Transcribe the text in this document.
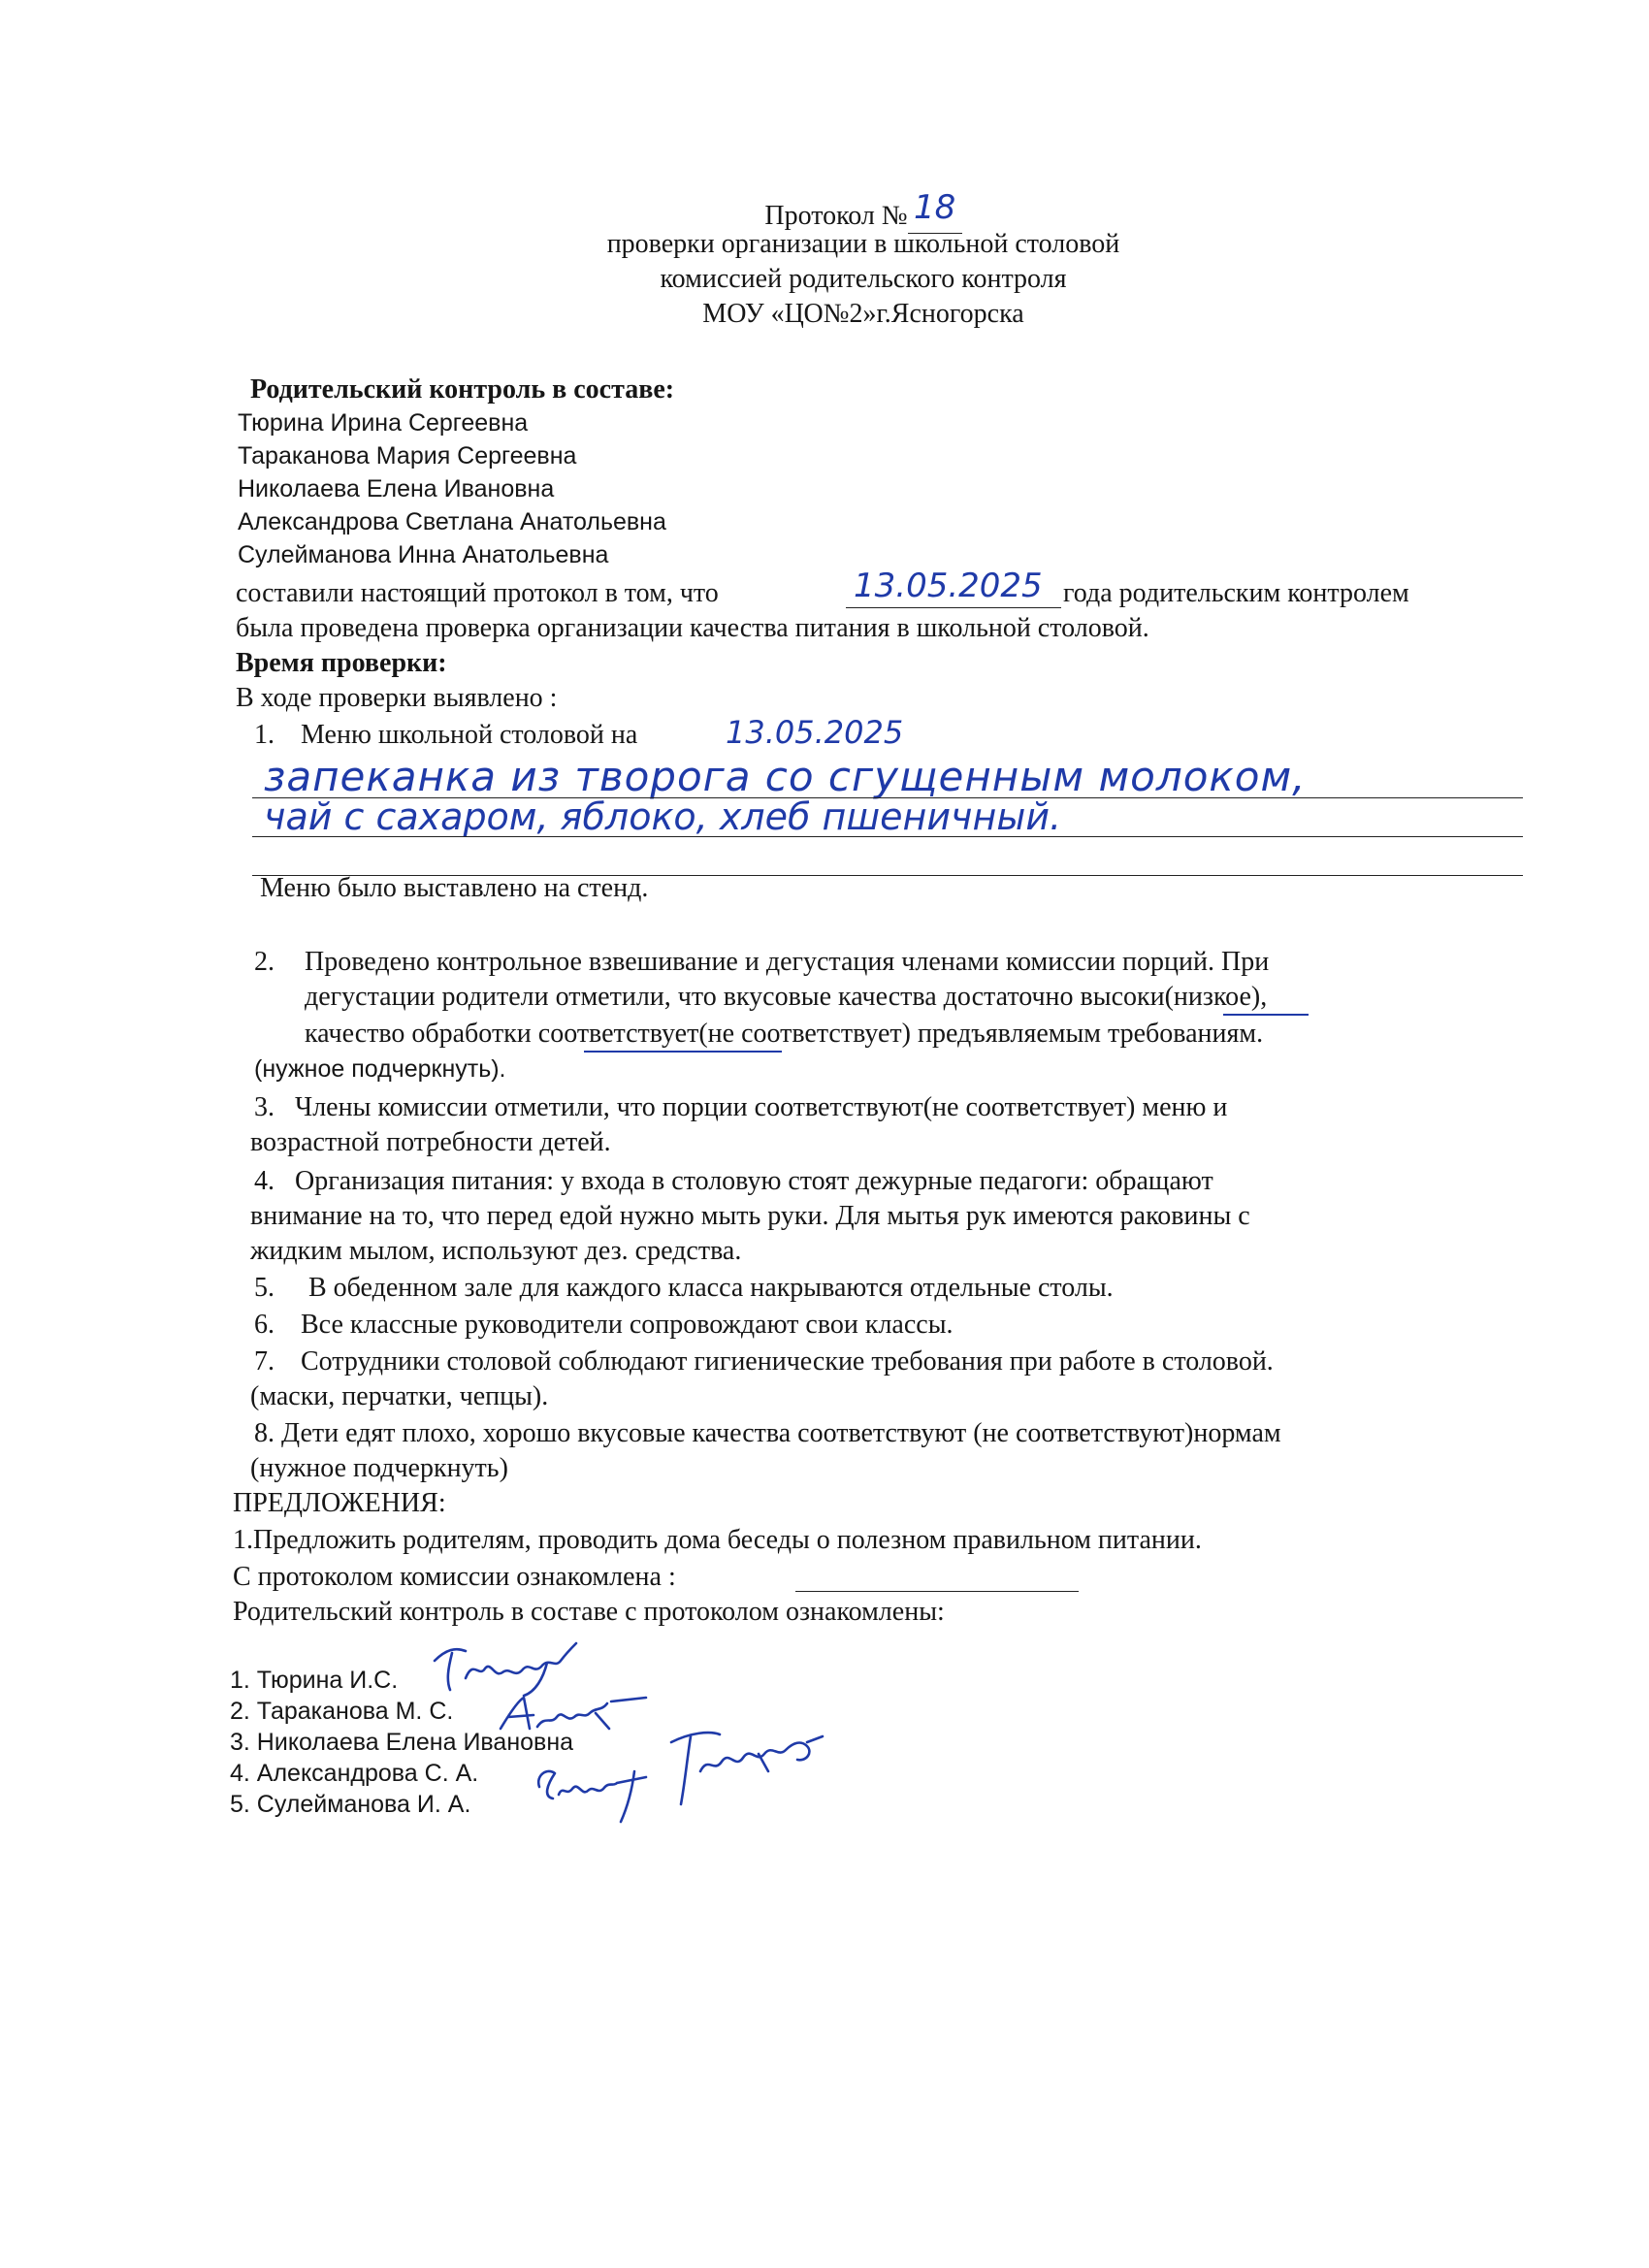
Протокол № 18
проверки организации в школьной столовой
комиссией родительского контроля
МОУ «ЦО№2»г.Ясногорска
Родительский контроль в составе:
Тюрина Ирина Сергеевна
Тараканова Мария Сергеевна
Николаева Елена Ивановна
Александрова Светлана Анатольевна
Сулейманова Инна Анатольевна
составили настоящий протокол в том, что	13.05.2025 года родительским контролем
была проведена проверка организации качества питания в школьной столовой.
Время проверки:
В ходе проверки выявлено :
1. Меню школьной столовой на	13.05.2025
запеканка из творога со сгущенным молоком,
чай с сахаром, яблоко, хлеб пшеничный.
Меню было выставлено на стенд.
2. Проведено контрольное взвешивание и дегустация членами комиссии порций. При
дегустации родители отметили, что вкусовые качества достаточно высоки(низкое),
качество обработки соответствует(не соответствует) предъявляемым требованиям.
(нужное подчеркнуть).
3. Члены комиссии отметили, что порции соответствуют(не соответствует) меню и
возрастной потребности детей.
4. Организация питания: у входа в столовую стоят дежурные педагоги: обращают
внимание на то, что перед едой нужно мыть руки. Для мытья рук имеются раковины с
жидким мылом, используют дез. средства.
5. В обеденном зале для каждого класса накрываются отдельные столы.
6. Все классные руководители сопровождают свои классы.
7. Сотрудники столовой соблюдают гигиенические требования при работе в столовой.
(маски, перчатки, чепцы).
8. Дети едят плохо, хорошо вкусовые качества соответствуют (не соответствуют)нормам
(нужное подчеркнуть)
ПРЕДЛОЖЕНИЯ:
1.Предложить родителям, проводить дома беседы о полезном правильном питании.
С протоколом комиссии ознакомлена :
Родительский контроль в составе с протоколом ознакомлены:
1. Тюрина И.С.
2. Тараканова М. С.
3. Николаева Елена Ивановна
4. Александрова С. А.
5. Сулейманова И. А.
